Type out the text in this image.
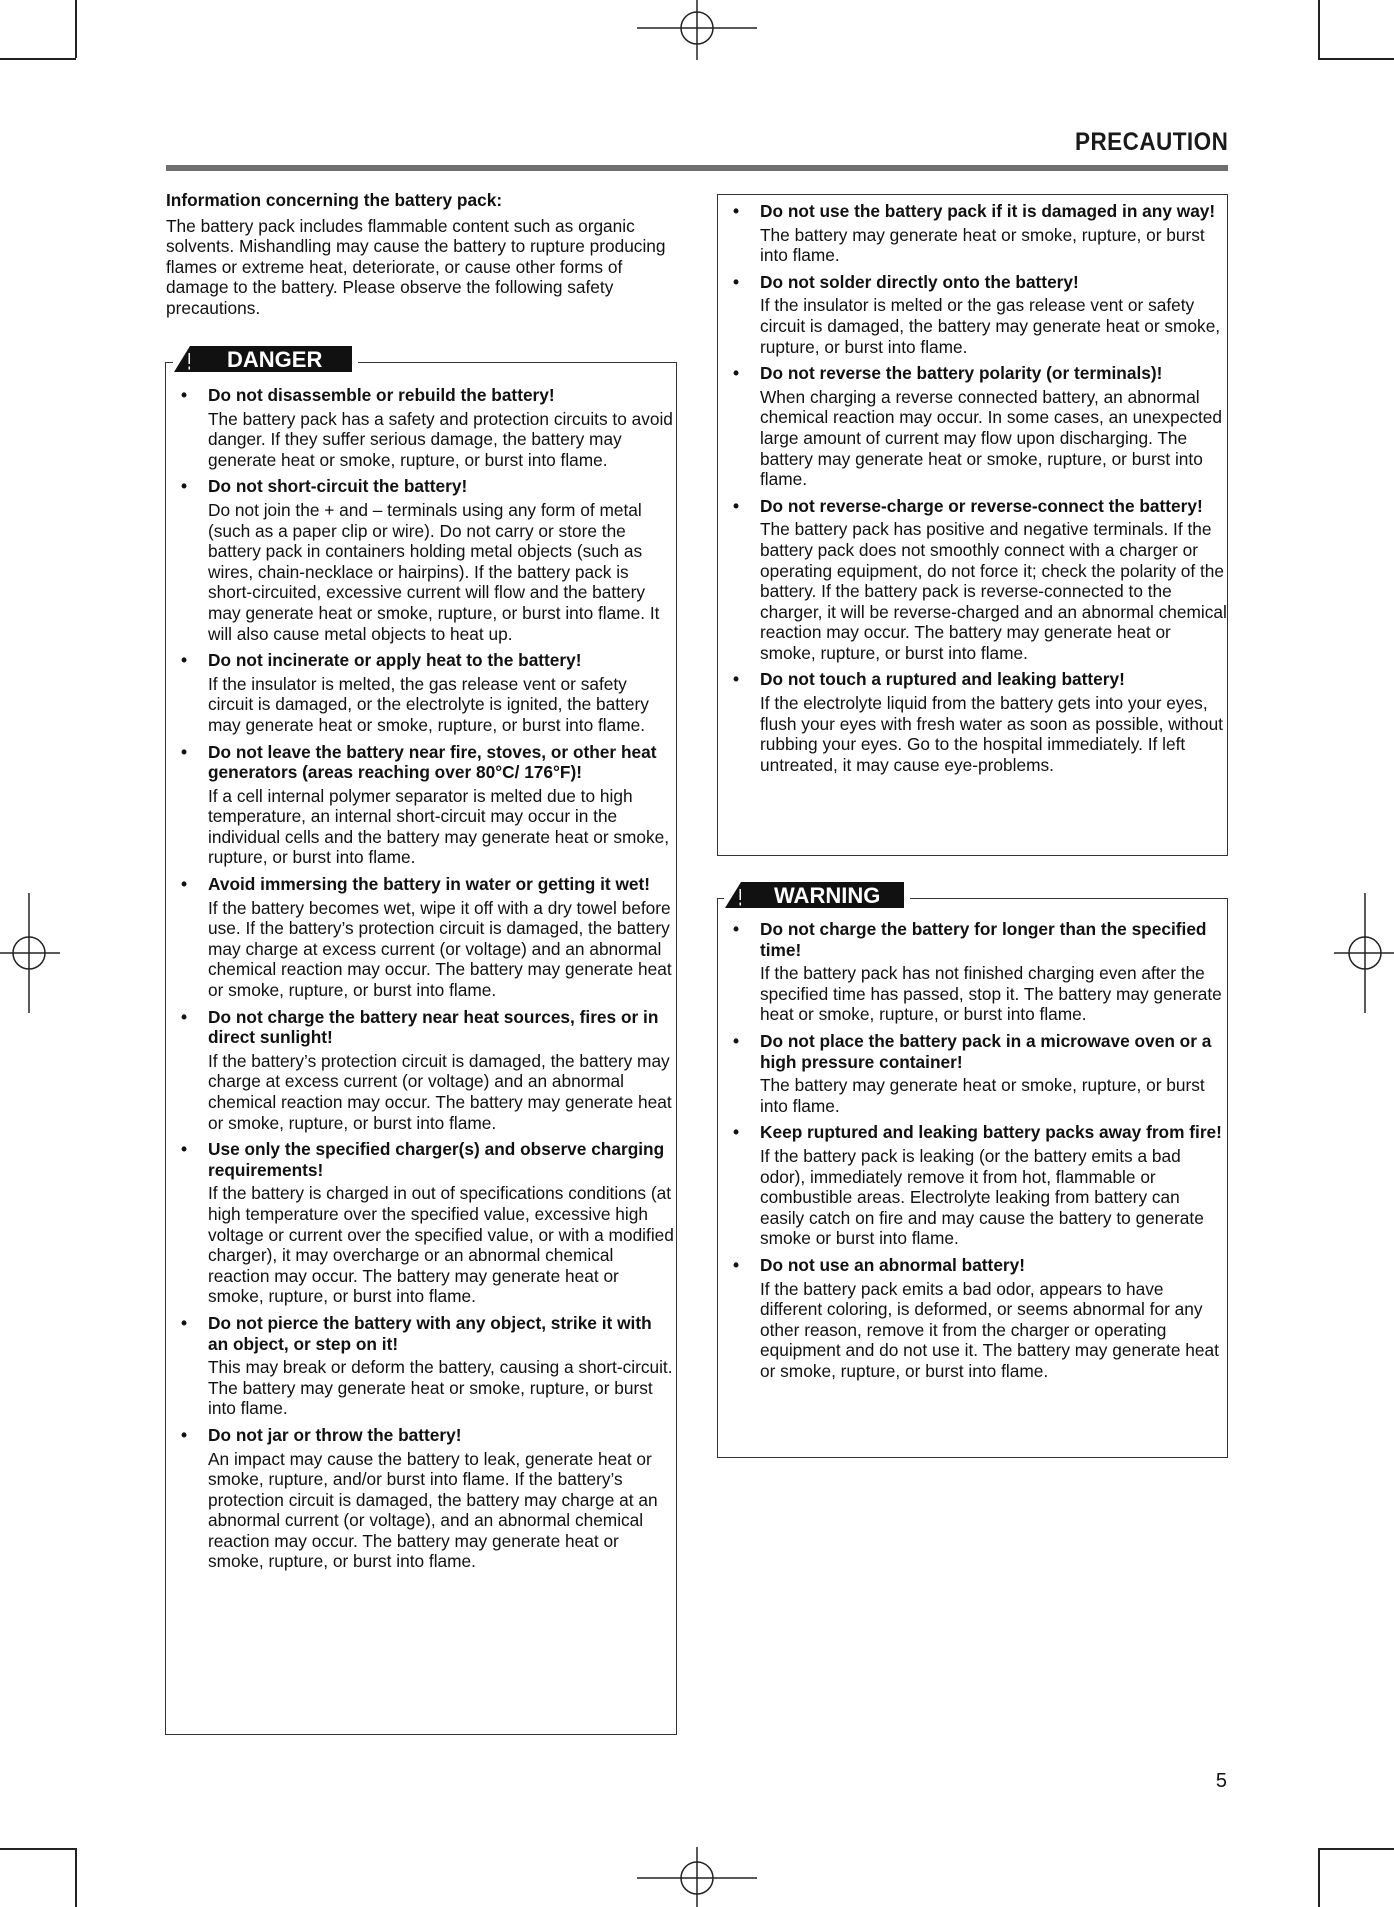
PRECAUTION

Information concerning the battery pack:

The battery pack includes flammable content such as organic solvents. Mishandling may cause the battery to rupture producing flames or extreme heat, deteriorate, or cause other forms of damage to the battery. Please observe the following safety precautions.

• Do not disassemble or rebuild the battery!
The battery pack has a safety and protection circuits to avoid danger. If they suffer serious damage, the battery may generate heat or smoke, rupture, or burst into flame.
• Do not short-circuit the battery!
Do not join the + and – terminals using any form of metal (such as a paper clip or wire). Do not carry or store the battery pack in containers holding metal objects (such as wires, chain-necklace or hairpins). If the battery pack is short-circuited, excessive current will flow and the battery may generate heat or smoke, rupture, or burst into flame. It will also cause metal objects to heat up.
• Do not incinerate or apply heat to the battery!
If the insulator is melted, the gas release vent or safety circuit is damaged, or the electrolyte is ignited, the battery may generate heat or smoke, rupture, or burst into flame.
• Do not leave the battery near fire, stoves, or other heat generators (areas reaching over 80°C/ 176°F)!
If a cell internal polymer separator is melted due to high temperature, an internal short-circuit may occur in the individual cells and the battery may generate heat or smoke, rupture, or burst into flame.
• Avoid immersing the battery in water or getting it wet!
If the battery becomes wet, wipe it off with a dry towel before use. If the battery’s protection circuit is damaged, the battery may charge at excess current (or voltage) and an abnormal chemical reaction may occur. The battery may generate heat or smoke, rupture, or burst into flame.
• Do not charge the battery near heat sources, fires or in direct sunlight!
If the battery’s protection circuit is damaged, the battery may charge at excess current (or voltage) and an abnormal chemical reaction may occur. The battery may generate heat or smoke, rupture, or burst into flame.
• Use only the specified charger(s) and observe charging requirements!
If the battery is charged in out of specifications conditions (at high temperature over the specified value, excessive high voltage or current over the specified value, or with a modified charger), it may overcharge or an abnormal chemical reaction may occur. The battery may generate heat or smoke, rupture, or burst into flame.
• Do not pierce the battery with any object, strike it with an object, or step on it!
This may break or deform the battery, causing a short-circuit. The battery may generate heat or smoke, rupture, or burst into flame.
• Do not jar or throw the battery!
An impact may cause the battery to leak, generate heat or smoke, rupture, and/or burst into flame. If the battery’s protection circuit is damaged, the battery may charge at an abnormal current (or voltage), and an abnormal chemical reaction may occur. The battery may generate heat or smoke, rupture, or burst into flame.
DANGER
• Do not use the battery pack if it is damaged in any way!
The battery may generate heat or smoke, rupture, or burst into flame.
• Do not solder directly onto the battery!
If the insulator is melted or the gas release vent or safety circuit is damaged, the battery may generate heat or smoke, rupture, or burst into flame.
• Do not reverse the battery polarity (or terminals)!
When charging a reverse connected battery, an abnormal chemical reaction may occur. In some cases, an unexpected large amount of current may flow upon discharging. The battery may generate heat or smoke, rupture, or burst into flame.
• Do not reverse-charge or reverse-connect the battery!
The battery pack has positive and negative terminals. If the battery pack does not smoothly connect with a charger or operating equipment, do not force it; check the polarity of the battery. If the battery pack is reverse-connected to the charger, it will be reverse-charged and an abnormal chemical reaction may occur. The battery may generate heat or smoke, rupture, or burst into flame.
• Do not touch a ruptured and leaking battery!
If the electrolyte liquid from the battery gets into your eyes, flush your eyes with fresh water as soon as possible, without rubbing your eyes. Go to the hospital immediately. If left untreated, it may cause eye-problems.
• Do not charge the battery for longer than the specified time!
If the battery pack has not finished charging even after the specified time has passed, stop it. The battery may generate heat or smoke, rupture, or burst into flame.
• Do not place the battery pack in a microwave oven or a high pressure container!
The battery may generate heat or smoke, rupture, or burst into flame.
• Keep ruptured and leaking battery packs away from fire!
If the battery pack is leaking (or the battery emits a bad odor), immediately remove it from hot, flammable or combustible areas. Electrolyte leaking from battery can easily catch on fire and may cause the battery to generate smoke or burst into flame.
• Do not use an abnormal battery!
If the battery pack emits a bad odor, appears to have different coloring, is deformed, or seems abnormal for any other reason, remove it from the charger or operating equipment and do not use it. The battery may generate heat or smoke, rupture, or burst into flame.
WARNING
5
